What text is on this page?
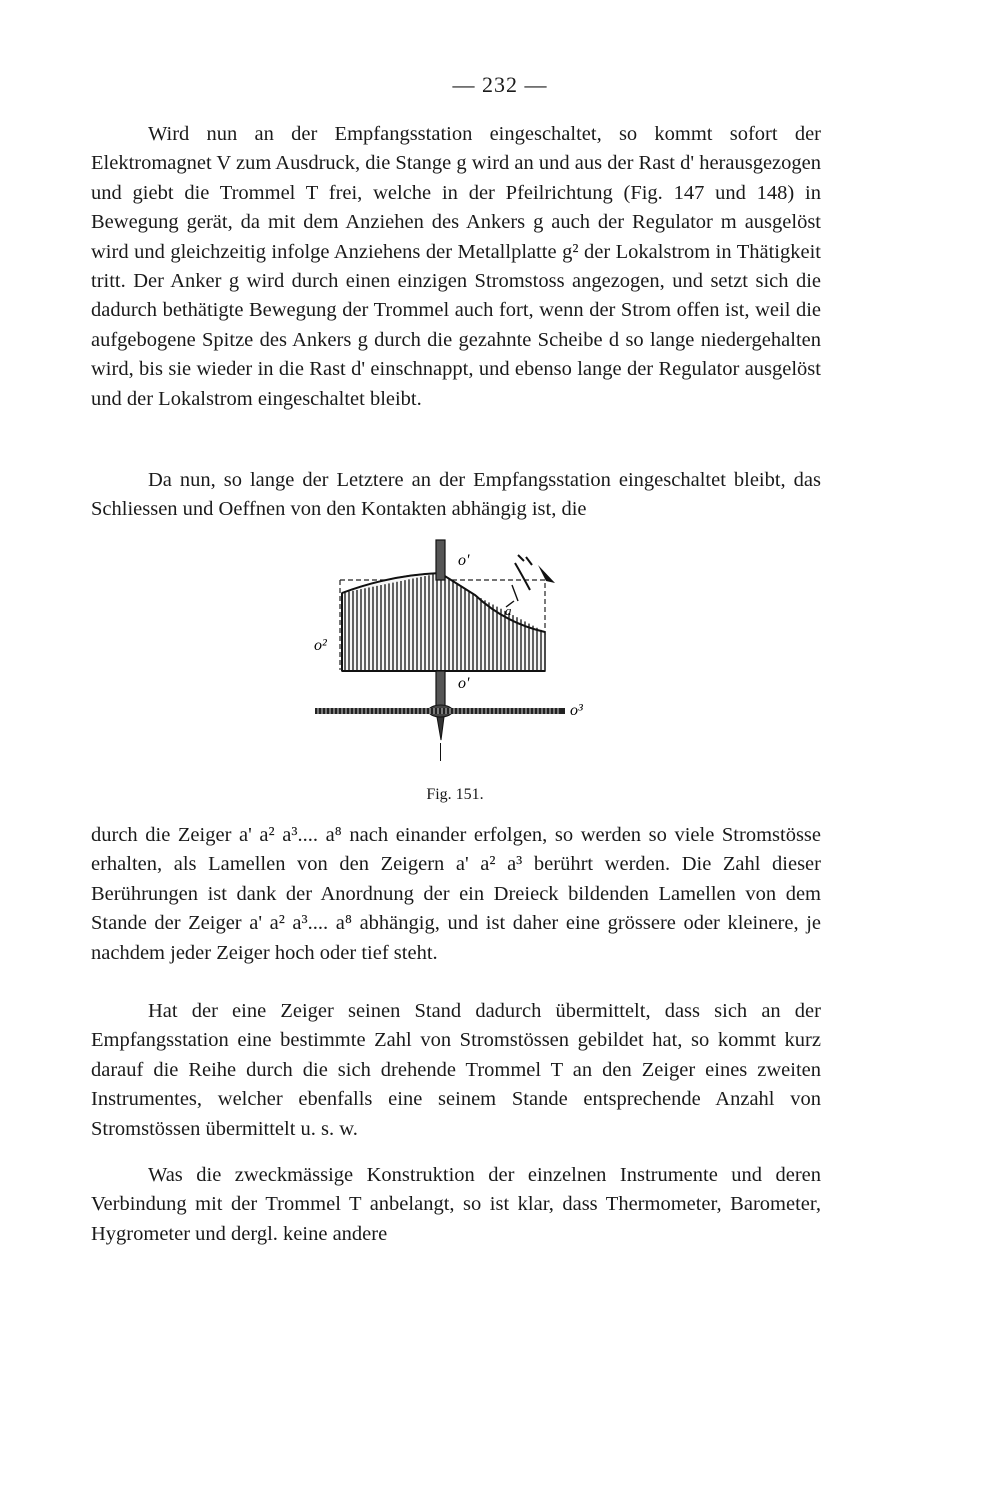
— 232 —

Wird nun an der Empfangsstation eingeschaltet, so kommt sofort der Elektromagnet V zum Ausdruck, die Stange g wird an und aus der Rast d' herausgezogen und giebt die Trommel T frei, welche in der Pfeilrichtung (Fig. 147 und 148) in Bewegung gerät, da mit dem Anziehen des Ankers g auch der Regulator m ausgelöst wird und gleichzeitig infolge Anziehens der Metallplatte g² der Lokalstrom in Thätigkeit tritt. Der Anker g wird durch einen einzigen Stromstoss angezogen, und setzt sich die dadurch bethätigte Bewegung der Trommel auch fort, wenn der Strom offen ist, weil die aufgebogene Spitze des Ankers g durch die gezahnte Scheibe d so lange niedergehalten wird, bis sie wieder in die Rast d' einschnappt, und ebenso lange der Regulator ausgelöst und der Lokalstrom eingeschaltet bleibt.

Da nun, so lange der Letztere an der Empfangsstation eingeschaltet bleibt, das Schliessen und Oeffnen von den Kontakten abhängig ist, die

o'
o²
o'
o³
a
Fig. 151.

durch die Zeiger a' a² a³.... a⁸ nach einander erfolgen, so werden so viele Stromstösse erhalten, als Lamellen von den Zeigern a' a² a³ berührt werden. Die Zahl dieser Berührungen ist dank der Anordnung der ein Dreieck bildenden Lamellen von dem Stande der Zeiger a' a² a³.... a⁸ abhängig, und ist daher eine grössere oder kleinere, je nachdem jeder Zeiger hoch oder tief steht.

Hat der eine Zeiger seinen Stand dadurch übermittelt, dass sich an der Empfangsstation eine bestimmte Zahl von Stromstössen gebildet hat, so kommt kurz darauf die Reihe durch die sich drehende Trommel T an den Zeiger eines zweiten Instrumentes, welcher ebenfalls eine seinem Stande entsprechende Anzahl von Stromstössen übermittelt u. s. w.

Was die zweckmässige Konstruktion der einzelnen Instrumente und deren Verbindung mit der Trommel T anbelangt, so ist klar, dass Thermometer, Barometer, Hygrometer und dergl. keine andere
